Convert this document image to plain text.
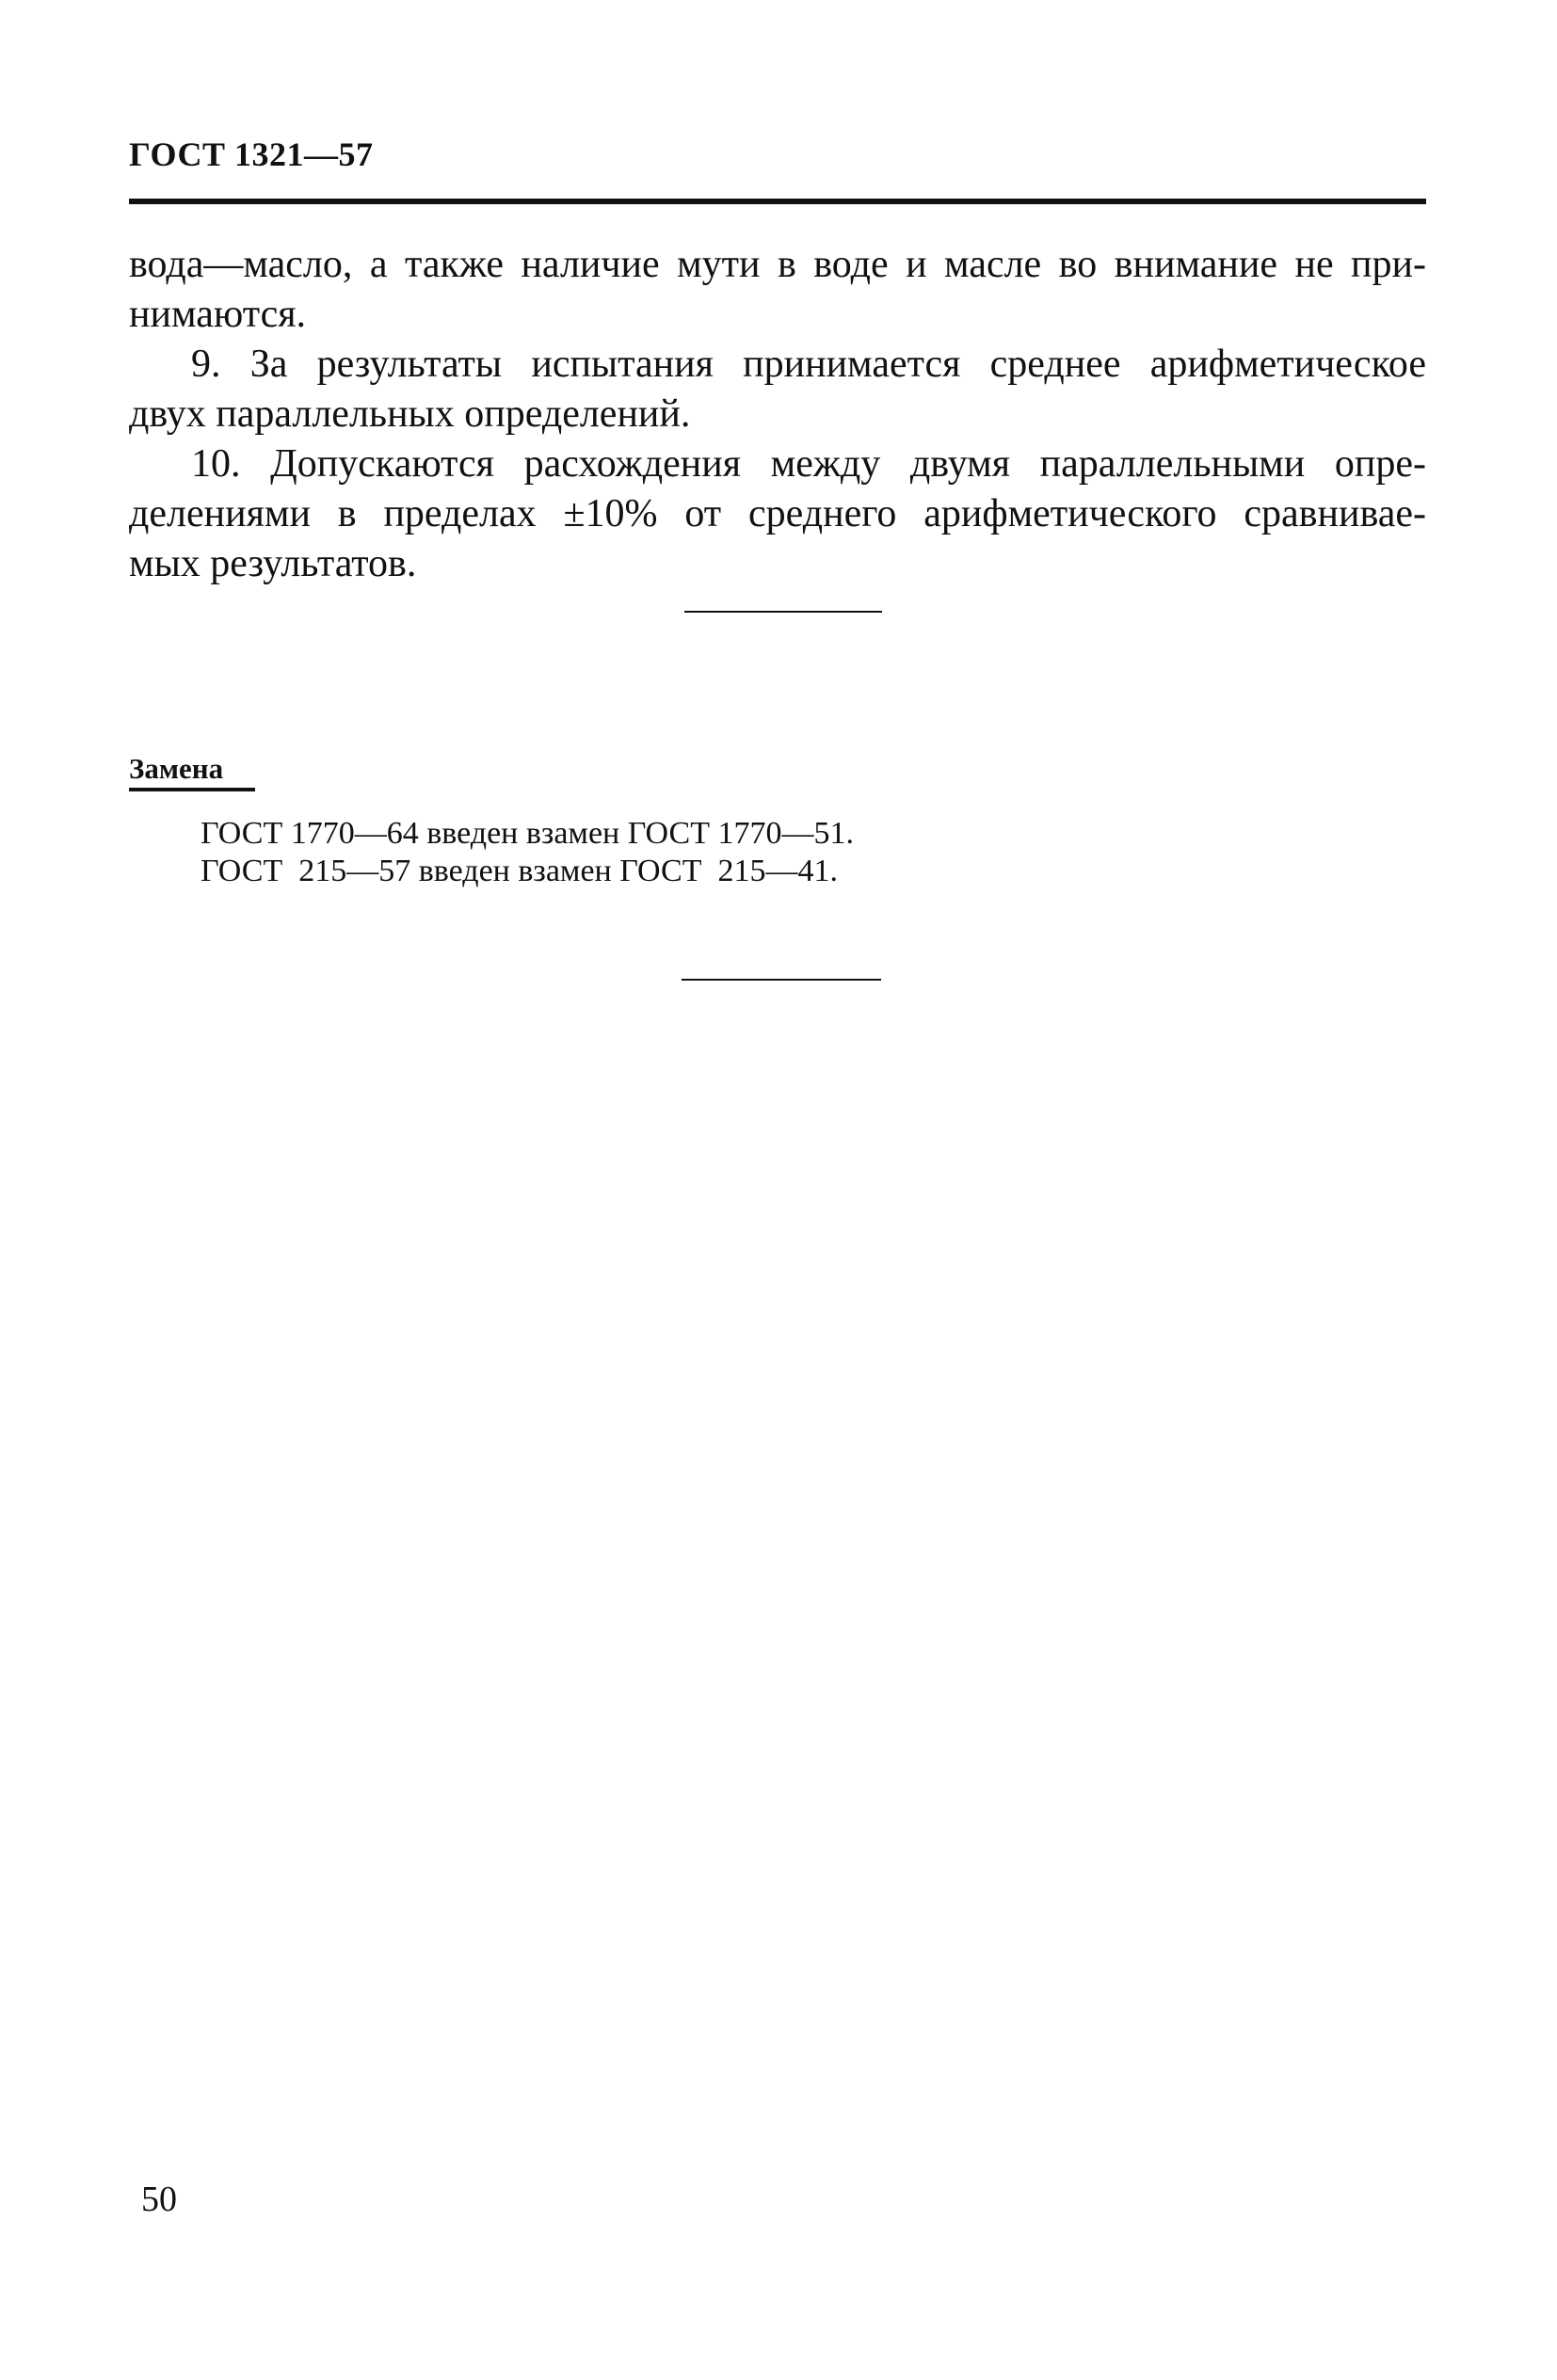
ГОСТ 1321—57
вода—масло, а также наличие мути в воде и масле во внимание не при-
нимаются.
9. За результаты испытания принимается среднее арифметическое
двух параллельных определений.
10. Допускаются расхождения между двумя параллельными опре-
делениями в пределах ±10% от среднего арифметического сравнивае-
мых результатов.
Замена
ГОСТ 1770—64 введен взамен ГОСТ 1770—51.
ГОСТ  215—57 введен взамен ГОСТ  215—41.
50
